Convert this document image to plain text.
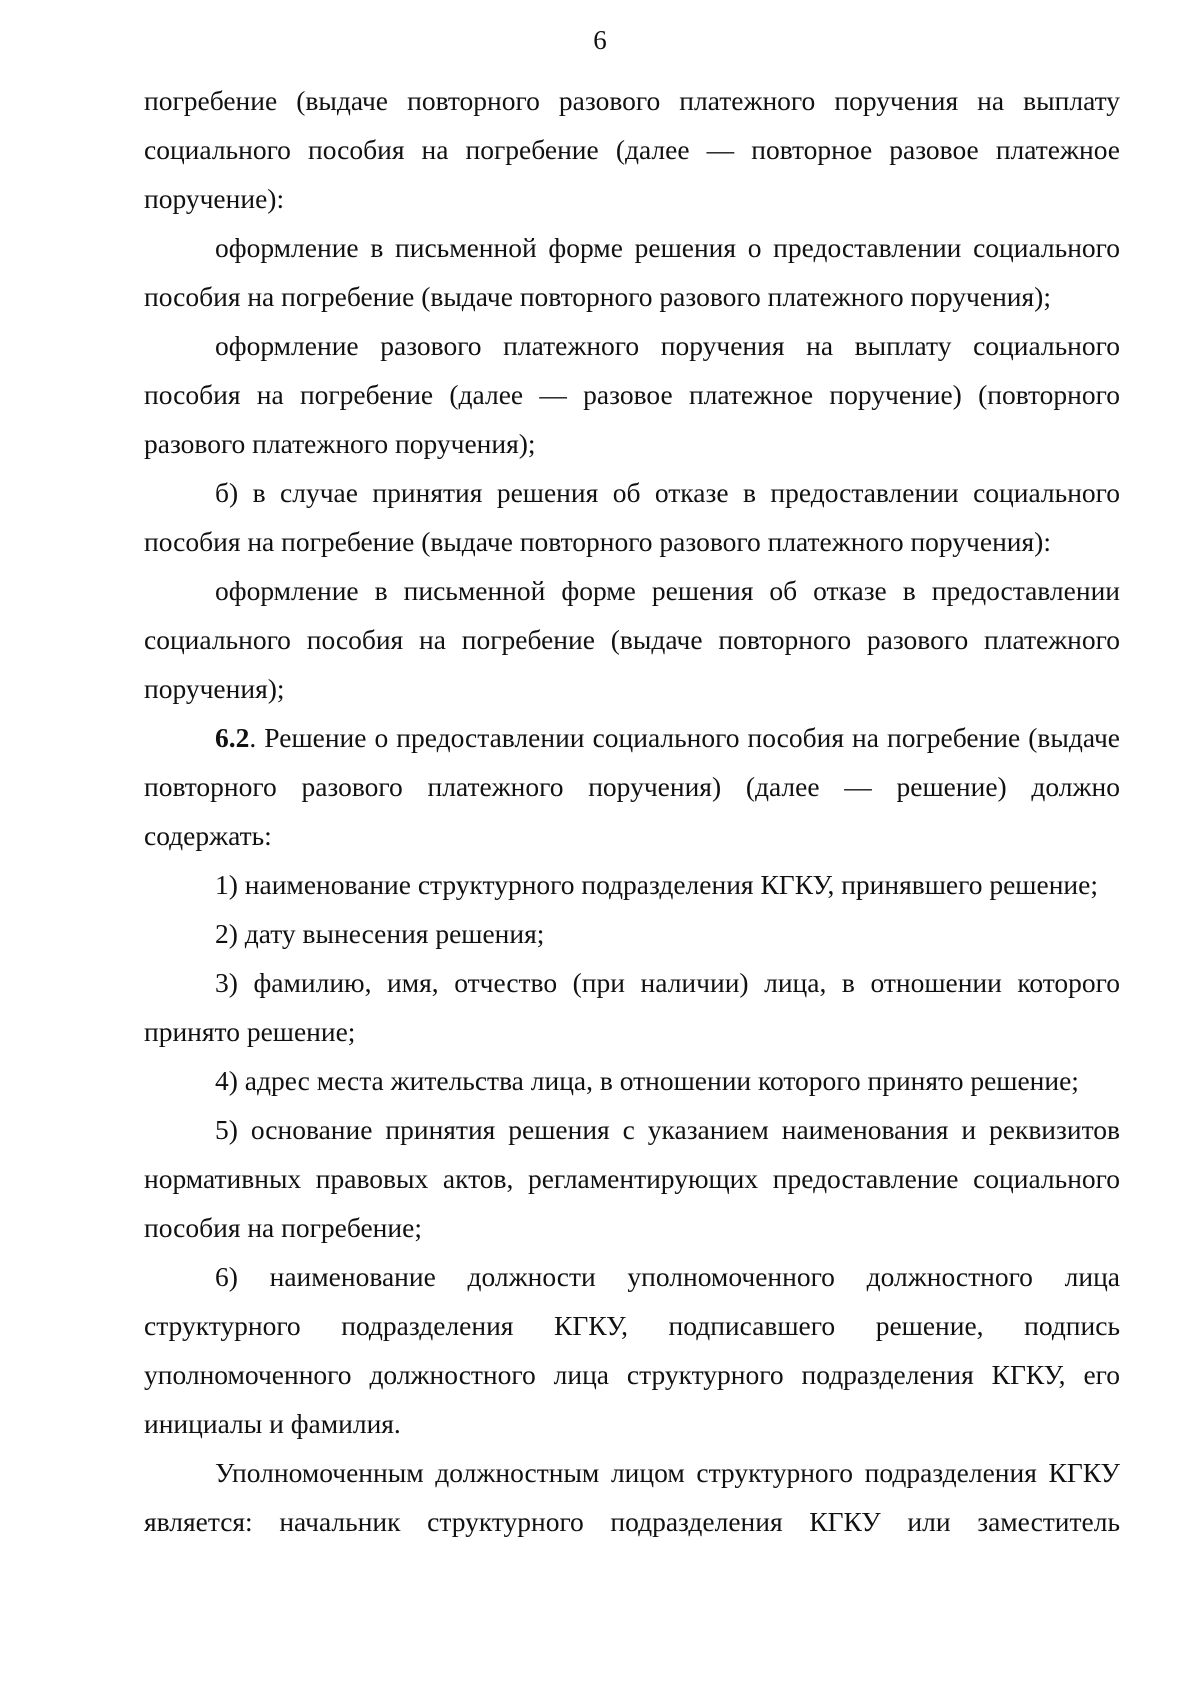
6

погребение (выдаче повторного разового платежного поручения на выплату социального пособия на погребение (далее — повторное разовое платежное поручение):

оформление в письменной форме решения о предоставлении социального пособия на погребение (выдаче повторного разового платежного поручения);

оформление разового платежного поручения на выплату социального пособия на погребение (далее — разовое платежное поручение) (повторного разового платежного поручения);

б) в случае принятия решения об отказе в предоставлении социального пособия на погребение (выдаче повторного разового платежного поручения):

оформление в письменной форме решения об отказе в предоставлении социального пособия на погребение (выдаче повторного разового платежного поручения);

6.2. Решение о предоставлении социального пособия на погребение (выдаче повторного разового платежного поручения) (далее — решение) должно содержать:

1) наименование структурного подразделения КГКУ, принявшего решение;

2) дату вынесения решения;

3) фамилию, имя, отчество (при наличии) лица, в отношении которого принято решение;

4) адрес места жительства лица, в отношении которого принято решение;

5) основание принятия решения с указанием наименования и реквизитов нормативных правовых актов, регламентирующих предоставление социального пособия на погребение;

6) наименование должности уполномоченного должностного лица структурного подразделения КГКУ, подписавшего решение, подпись уполномоченного должностного лица структурного подразделения КГКУ, его инициалы и фамилия.

Уполномоченным должностным лицом структурного подразделения КГКУ является: начальник структурного подразделения КГКУ или заместитель
